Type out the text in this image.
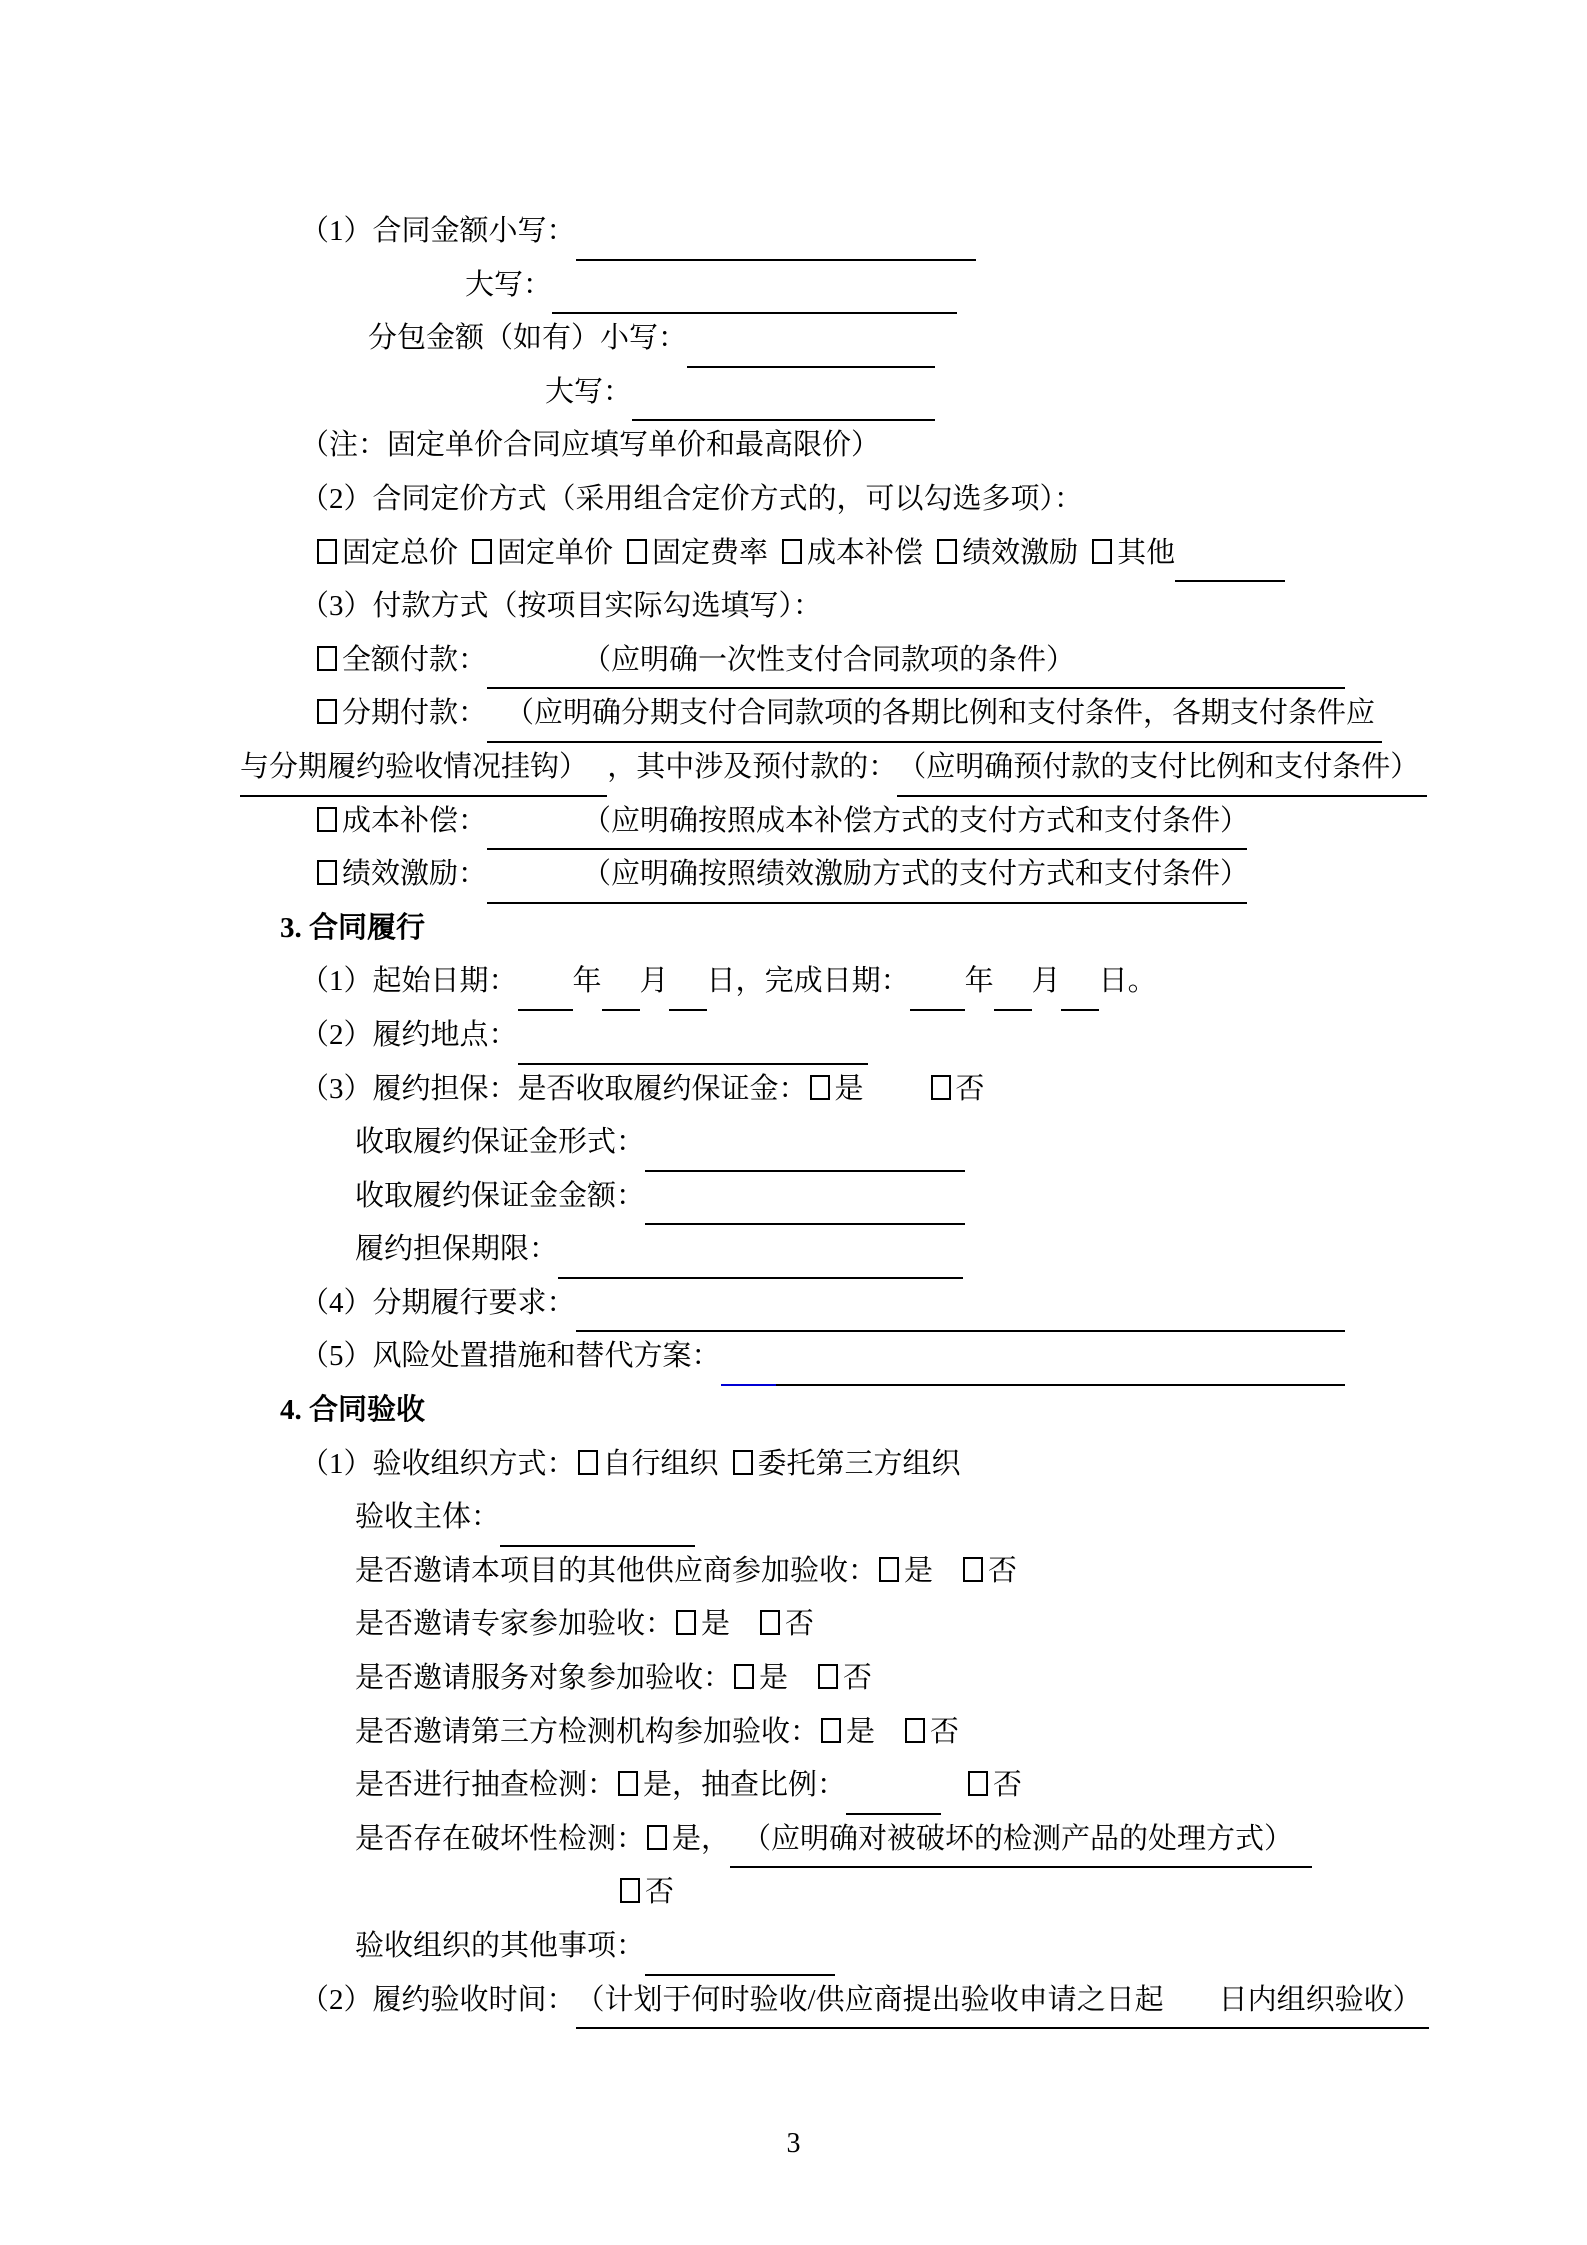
（1）合同金额小写：
大写：
分包金额（如有）小写：
大写：
（注：固定单价合同应填写单价和最高限价）
（2）合同定价方式（采用组合定价方式的，可以勾选多项）：
固定总价 固定单价 固定费率 成本补偿 绩效激励 其他
（3）付款方式（按项目实际勾选填写）：
全额付款：	（应明确一次性支付合同款项的条件）
分期付款： （应明确分期支付合同款项的各期比例和支付条件，各期支付条件应
与分期履约验收情况挂钩） ，其中涉及预付款的： （应明确预付款的支付比例和支付条件）
成本补偿：	（应明确按照成本补偿方式的支付方式和支付条件）
绩效激励：	（应明确按照绩效激励方式的支付方式和支付条件）
3. 合同履行
（1）起始日期： 年 月 日，完成日期： 年 月 日。
（2）履约地点：
（3）履约担保：是否收取履约保证金： 是	否
收取履约保证金形式：
收取履约保证金金额：
履约担保期限：
（4）分期履行要求：
（5）风险处置措施和替代方案：
4. 合同验收
（1）验收组织方式： 自行组织 委托第三方组织
验收主体：
是否邀请本项目的其他供应商参加验收： 是 否
是否邀请专家参加验收： 是 否
是否邀请服务对象参加验收： 是 否
是否邀请第三方检测机构参加验收： 是 否
是否进行抽查检测： 是，抽查比例：	否
是否存在破坏性检测： 是， （应明确对被破坏的检测产品的处理方式）
否
验收组织的其他事项：
（2）履约验收时间： （计划于何时验收/供应商提出验收申请之日起 日内组织验收）
3
